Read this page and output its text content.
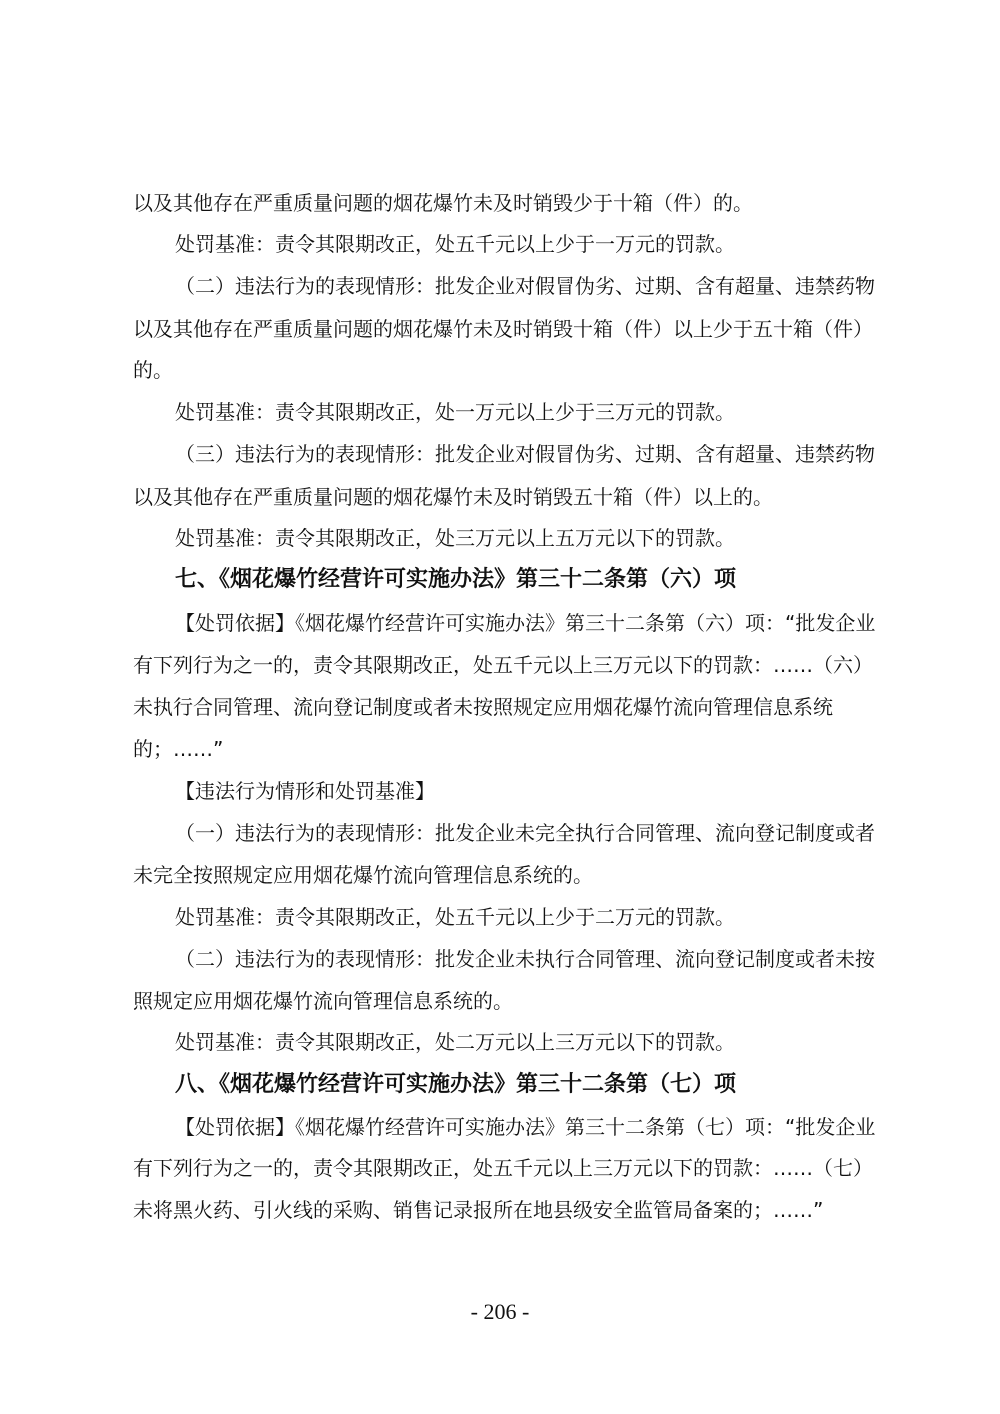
以及其他存在严重质量问题的烟花爆竹未及时销毁少于十箱（件）的。
处罚基准：责令其限期改正，处五千元以上少于一万元的罚款。
（二）违法行为的表现情形：批发企业对假冒伪劣、过期、含有超量、违禁药物
以及其他存在严重质量问题的烟花爆竹未及时销毁十箱（件）以上少于五十箱（件）
的。
处罚基准：责令其限期改正，处一万元以上少于三万元的罚款。
（三）违法行为的表现情形：批发企业对假冒伪劣、过期、含有超量、违禁药物
以及其他存在严重质量问题的烟花爆竹未及时销毁五十箱（件）以上的。
处罚基准：责令其限期改正，处三万元以上五万元以下的罚款。
七、《烟花爆竹经营许可实施办法》第三十二条第（六）项
【处罚依据】《烟花爆竹经营许可实施办法》第三十二条第（六）项：“批发企业
有下列行为之一的，责令其限期改正，处五千元以上三万元以下的罚款：……（六）
未执行合同管理、流向登记制度或者未按照规定应用烟花爆竹流向管理信息系统
的；……”
【违法行为情形和处罚基准】
（一）违法行为的表现情形：批发企业未完全执行合同管理、流向登记制度或者
未完全按照规定应用烟花爆竹流向管理信息系统的。
处罚基准：责令其限期改正，处五千元以上少于二万元的罚款。
（二）违法行为的表现情形：批发企业未执行合同管理、流向登记制度或者未按
照规定应用烟花爆竹流向管理信息系统的。
处罚基准：责令其限期改正，处二万元以上三万元以下的罚款。
八、《烟花爆竹经营许可实施办法》第三十二条第（七）项
【处罚依据】《烟花爆竹经营许可实施办法》第三十二条第（七）项：“批发企业
有下列行为之一的，责令其限期改正，处五千元以上三万元以下的罚款：……（七）
未将黑火药、引火线的采购、销售记录报所在地县级安全监管局备案的；……”
- 206 -
